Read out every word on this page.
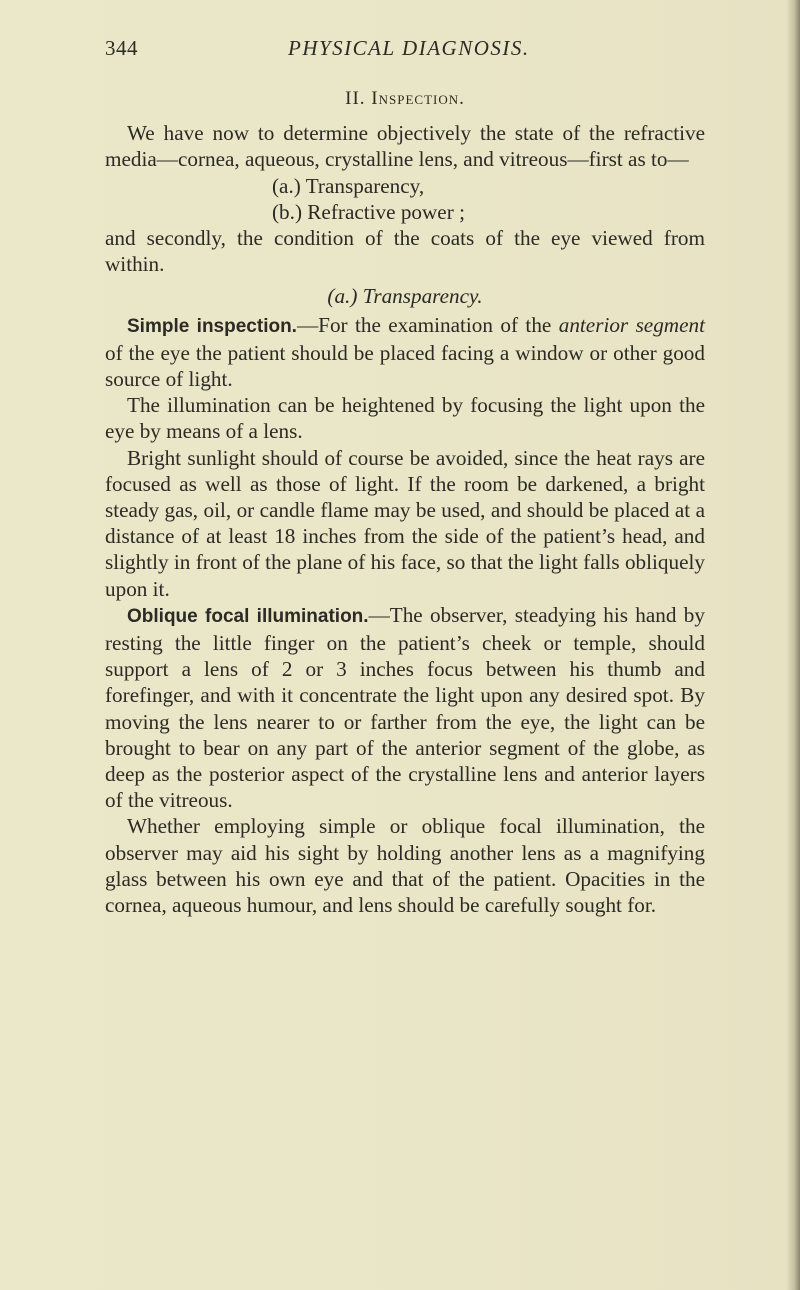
344	PHYSICAL DIAGNOSIS.
II. Inspection.

We have now to determine objectively the state of the refractive media—cornea, aqueous, crystalline lens, and vitreous—first as to—

(a.) Transparency,
(b.) Refractive power ;

and secondly, the condition of the coats of the eye viewed from within.

(a.) Transparency.

Simple inspection.—For the examination of the anterior segment of the eye the patient should be placed facing a window or other good source of light.

The illumination can be heightened by focusing the light upon the eye by means of a lens.

Bright sunlight should of course be avoided, since the heat rays are focused as well as those of light. If the room be darkened, a bright steady gas, oil, or candle flame may be used, and should be placed at a distance of at least 18 inches from the side of the patient’s head, and slightly in front of the plane of his face, so that the light falls obliquely upon it.

Oblique focal illumination.—The observer, steadying his hand by resting the little finger on the patient’s cheek or temple, should support a lens of 2 or 3 inches focus between his thumb and forefinger, and with it concentrate the light upon any desired spot. By moving the lens nearer to or farther from the eye, the light can be brought to bear on any part of the anterior segment of the globe, as deep as the posterior aspect of the crystalline lens and anterior layers of the vitreous.

Whether employing simple or oblique focal illumination, the observer may aid his sight by holding another lens as a magnifying glass between his own eye and that of the patient. Opacities in the cornea, aqueous humour, and lens should be carefully sought for.
